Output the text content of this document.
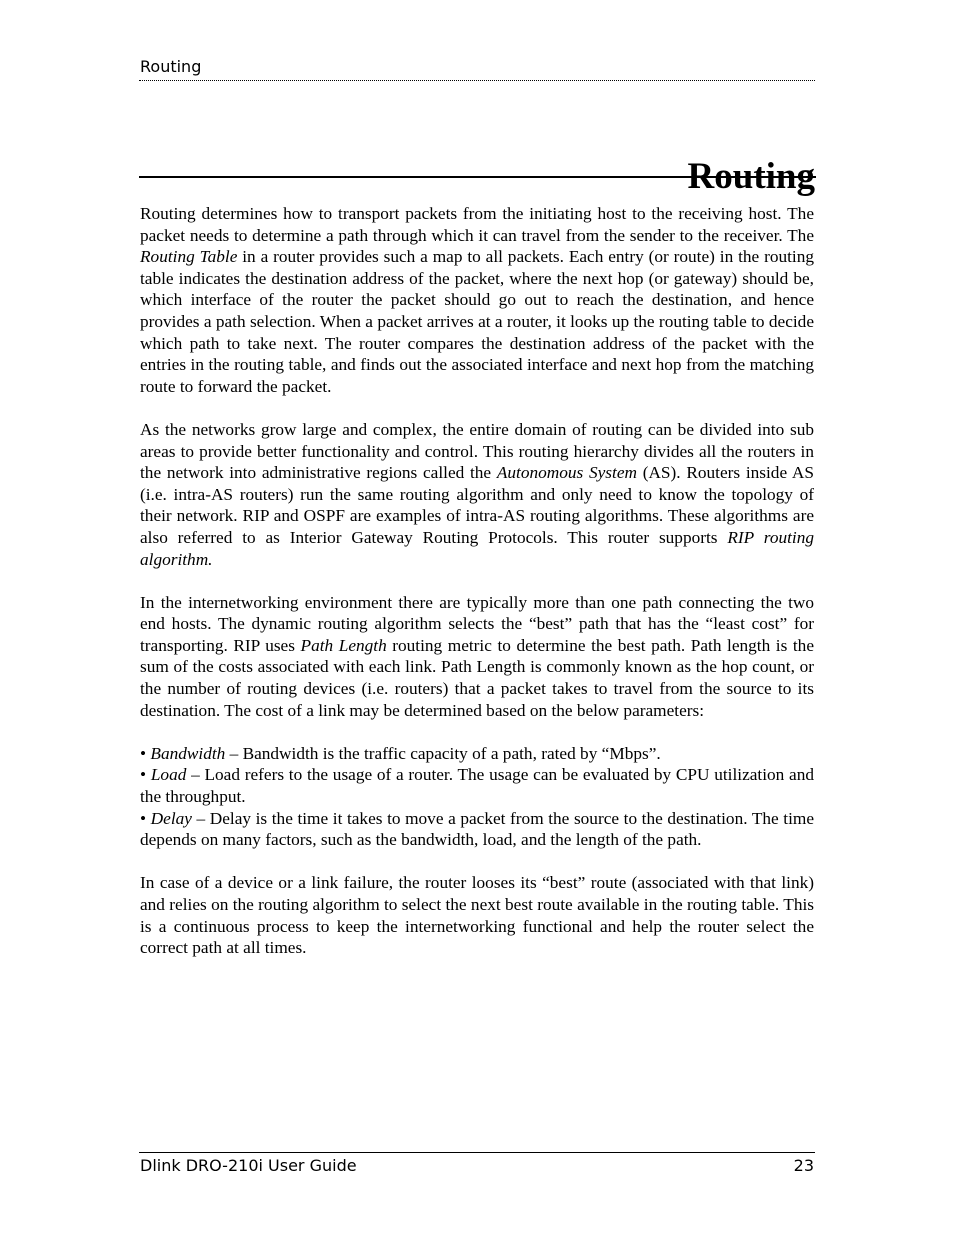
Routing
Routing

Routing determines how to transport packets from the initiating host to the receiving host. The packet needs to determine a path through which it can travel from the sender to the receiver. The Routing Table in a router provides such a map to all packets. Each entry (or route) in the routing table indicates the destination address of the packet, where the next hop (or gateway) should be, which interface of the router the packet should go out to reach the destination, and hence provides a path selection. When a packet arrives at a router, it looks up the routing table to decide which path to take next. The router compares the destination address of the packet with the entries in the routing table, and finds out the associated interface and next hop from the matching route to forward the packet.

As the networks grow large and complex, the entire domain of routing can be divided into sub areas to provide better functionality and control. This routing hierarchy divides all the routers in the network into administrative regions called the Autonomous System (AS). Routers inside AS (i.e. intra-AS routers) run the same routing algorithm and only need to know the topology of their network. RIP and OSPF are examples of intra-AS routing algorithms. These algorithms are also referred to as Interior Gateway Routing Protocols. This router supports RIP routing algorithm.

In the internetworking environment there are typically more than one path connecting the two end hosts. The dynamic routing algorithm selects the “best” path that has the “least cost” for transporting. RIP uses Path Length routing metric to determine the best path. Path length is the sum of the costs associated with each link. Path Length is commonly known as the hop count, or the number of routing devices (i.e. routers) that a packet takes to travel from the source to its destination. The cost of a link may be determined based on the below parameters:

• Bandwidth – Bandwidth is the traffic capacity of a path, rated by “Mbps”.

• Load – Load refers to the usage of a router. The usage can be evaluated by CPU utilization and the throughput.

• Delay – Delay is the time it takes to move a packet from the source to the destination. The time depends on many factors, such as the bandwidth, load, and the length of the path.

In case of a device or a link failure, the router looses its “best” route (associated with that link) and relies on the routing algorithm to select the next best route available in the routing table. This is a continuous process to keep the internetworking functional and help the router select the correct path at all times.

Dlink DRO-210i User Guide	23
